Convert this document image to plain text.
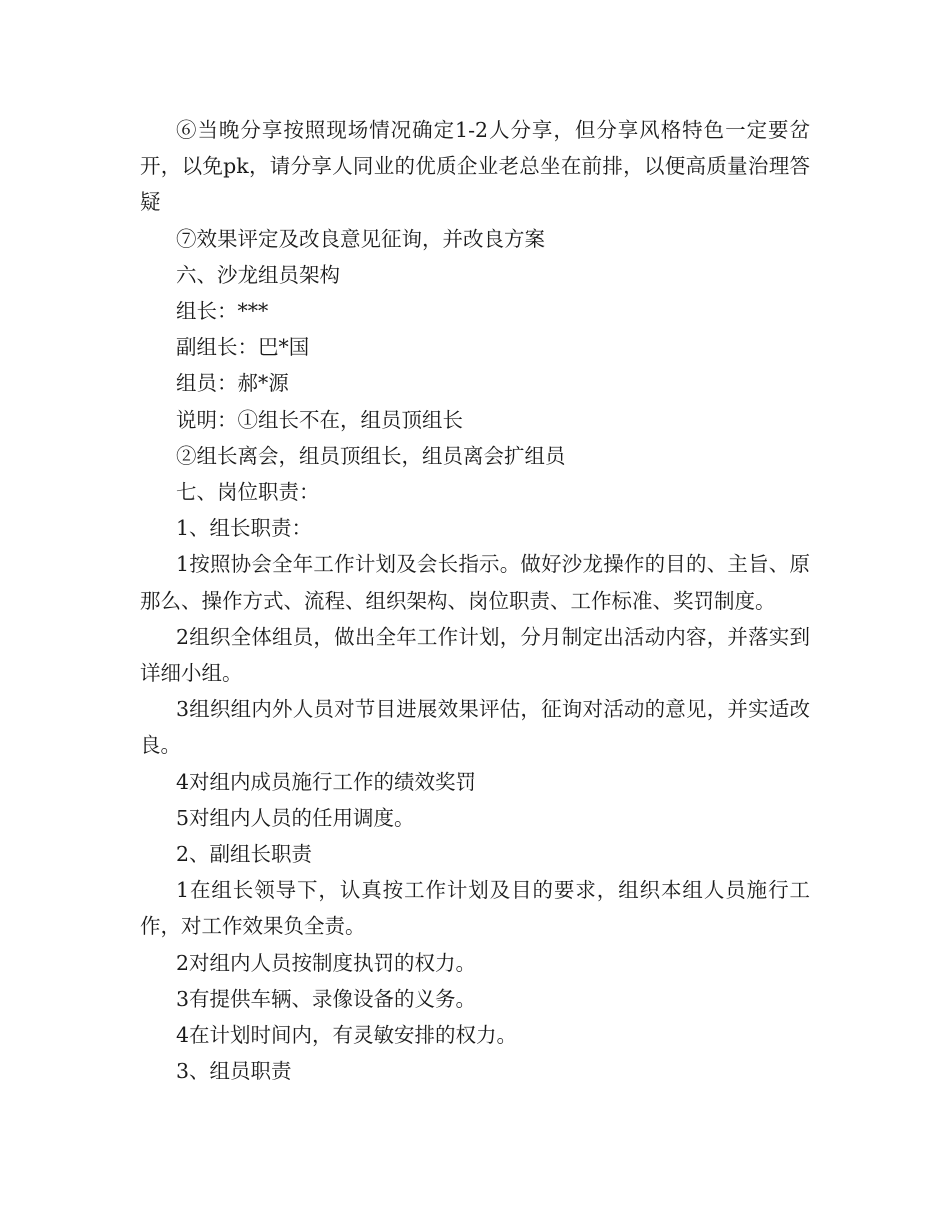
⑥当晚分享按照现场情况确定1-2人分享，但分享风格特色一定要岔开，以免pk，请分享人同业的优质企业老总坐在前排，以便高质量治理答疑

⑦效果评定及改良意见征询，并改良方案

六、沙龙组员架构

组长：***

副组长：巴*国

组员：郝*源

说明：①组长不在，组员顶组长

②组长离会，组员顶组长，组员离会扩组员

七、岗位职责：

1、组长职责：

1按照协会全年工作计划及会长指示。做好沙龙操作的目的、主旨、原那么、操作方式、流程、组织架构、岗位职责、工作标准、奖罚制度。

2组织全体组员，做出全年工作计划，分月制定出活动内容，并落实到详细小组。

3组织组内外人员对节目进展效果评估，征询对活动的意见，并实适改良。

4对组内成员施行工作的绩效奖罚

5对组内人员的任用调度。

2、副组长职责

1在组长领导下，认真按工作计划及目的要求，组织本组人员施行工作，对工作效果负全责。

2对组内人员按制度执罚的权力。

3有提供车辆、录像设备的义务。

4在计划时间内，有灵敏安排的权力。

3、组员职责
